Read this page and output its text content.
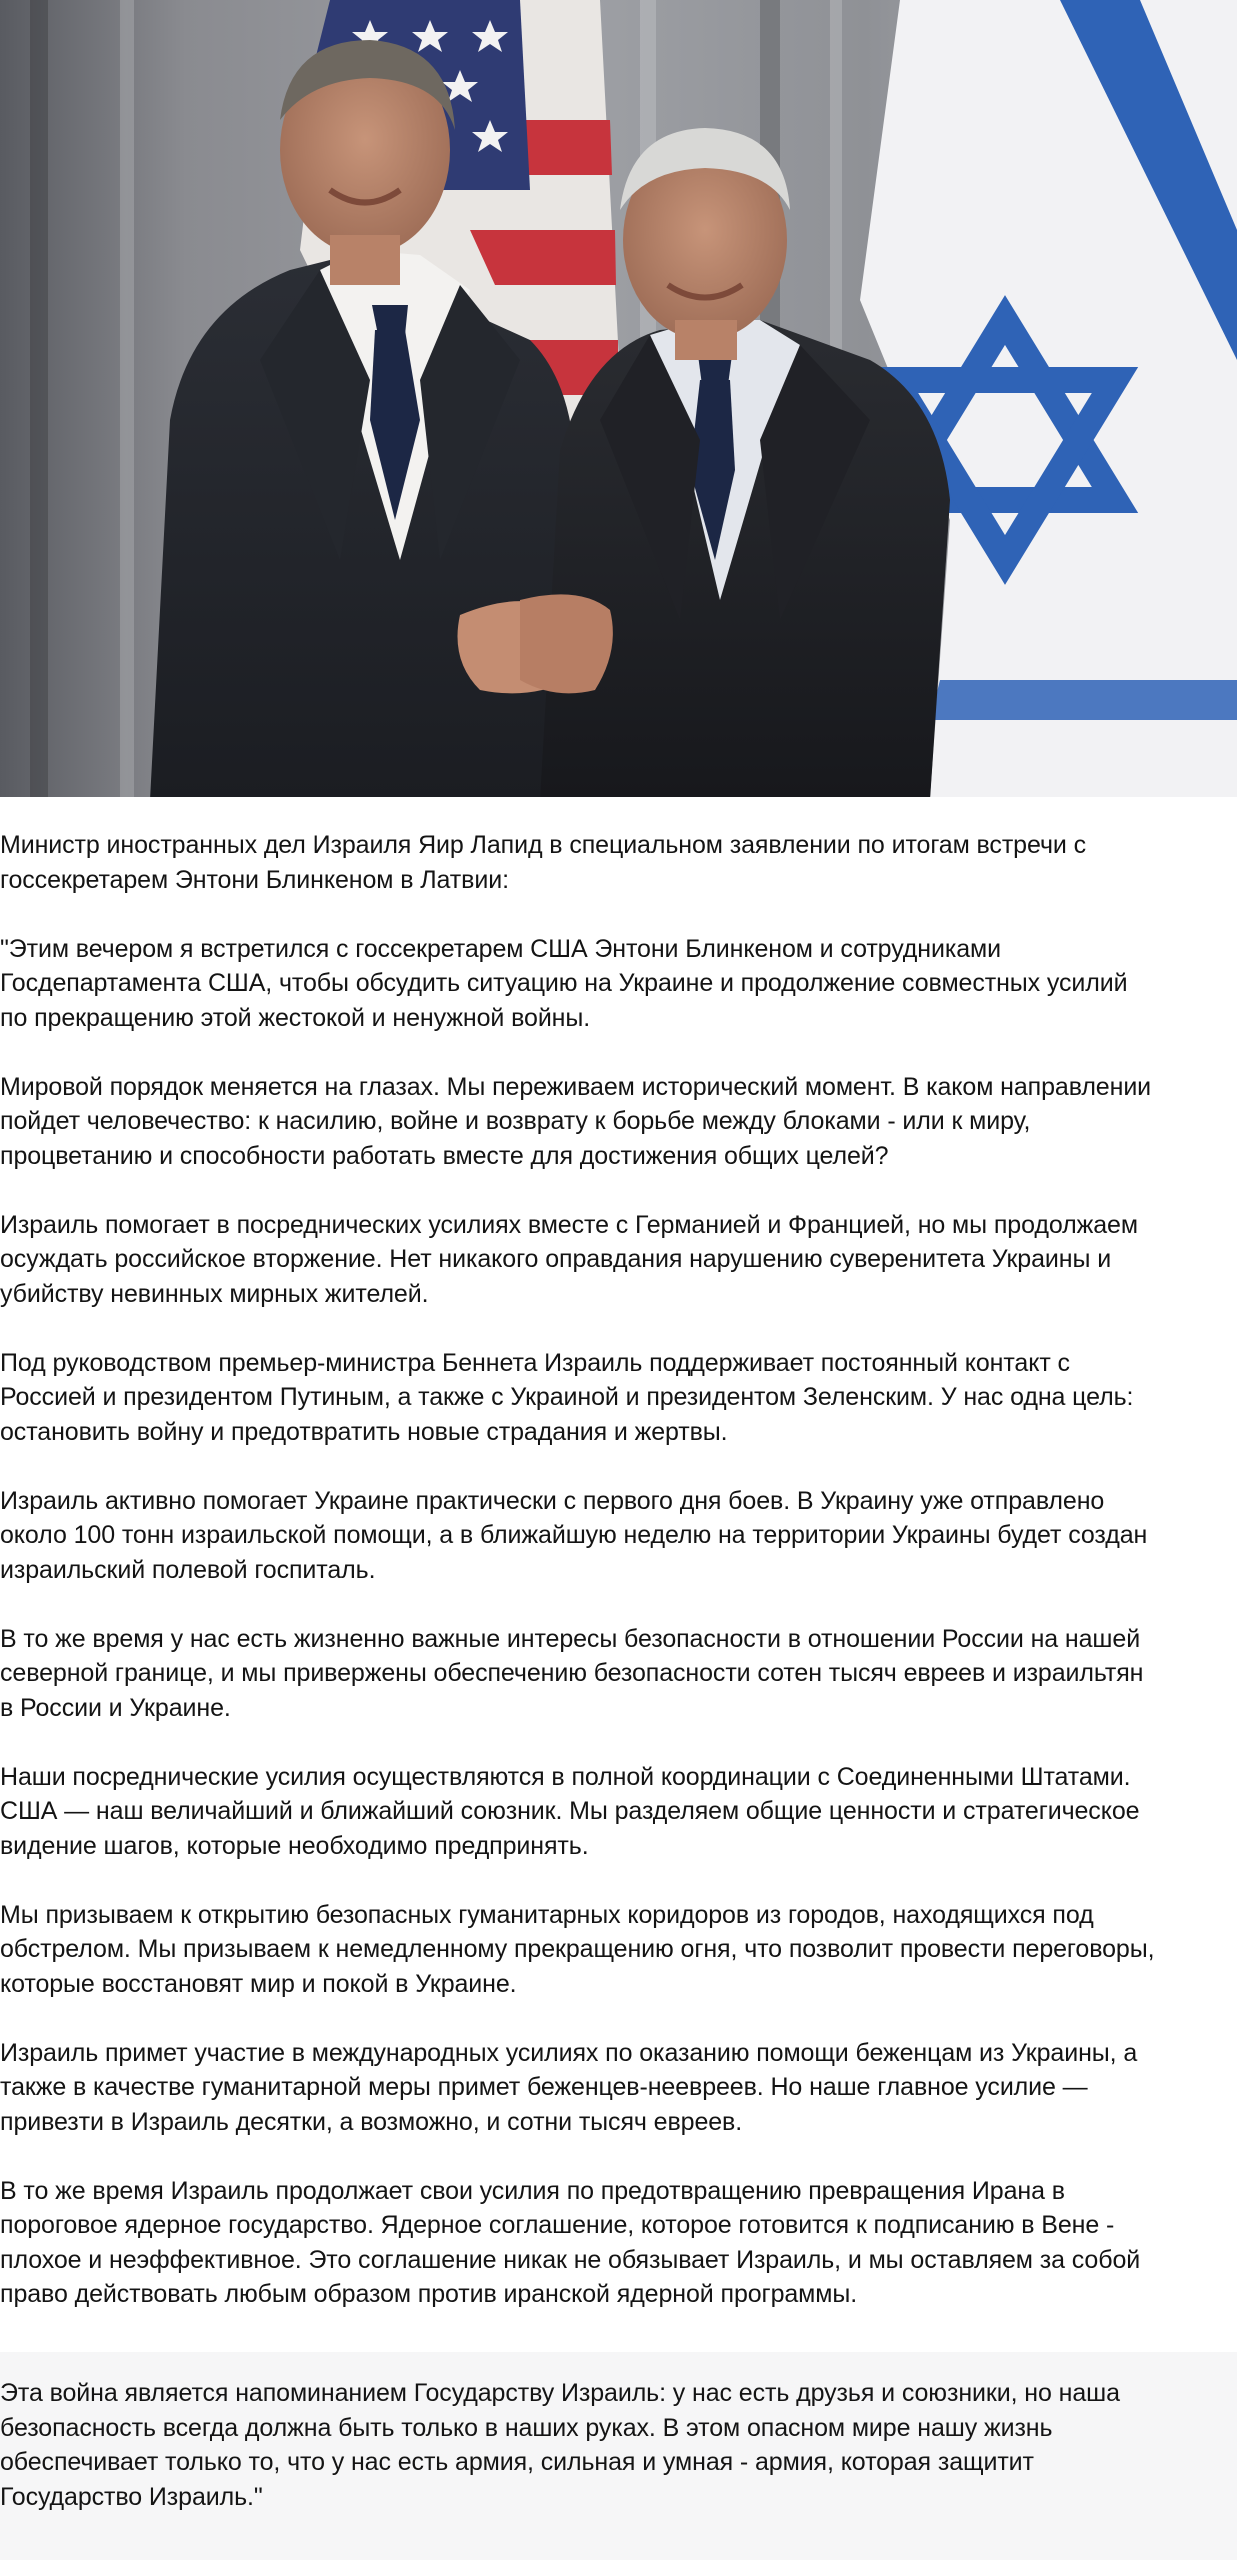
Министр иностранных дел Израиля Яир Лапид в специальном заявлении по итогам встречи с госсекретарем Энтони Блинкеном в Латвии:

"Этим вечером я встретился с госсекретарем США Энтони Блинкеном и сотрудниками Госдепартамента США, чтобы обсудить ситуацию на Украине и продолжение совместных усилий по прекращению этой жестокой и ненужной войны.

Мировой порядок меняется на глазах. Мы переживаем исторический момент. В каком направлении пойдет человечество: к насилию, войне и возврату к борьбе между блоками - или к миру, процветанию и способности работать вместе для достижения общих целей?

Израиль помогает в посреднических усилиях вместе с Германией и Францией, но мы продолжаем осуждать российское вторжение. Нет никакого оправдания нарушению суверенитета Украины и убийству невинных мирных жителей.

Под руководством премьер-министра Беннета Израиль поддерживает постоянный контакт с Россией и президентом Путиным, а также с Украиной и президентом Зеленским. У нас одна цель: остановить войну и предотвратить новые страдания и жертвы.

Израиль активно помогает Украине практически с первого дня боев. В Украину уже отправлено около 100 тонн израильской помощи, а в ближайшую неделю на территории Украины будет создан израильский полевой госпиталь.

В то же время у нас есть жизненно важные интересы безопасности в отношении России на нашей северной границе, и мы привержены обеспечению безопасности сотен тысяч евреев и израильтян в России и Украине.

Наши посреднические усилия осуществляются в полной координации с Соединенными Штатами. США — наш величайший и ближайший союзник. Мы разделяем общие ценности и стратегическое видение шагов, которые необходимо предпринять.

Мы призываем к открытию безопасных гуманитарных коридоров из городов, находящихся под обстрелом. Мы призываем к немедленному прекращению огня, что позволит провести переговоры, которые восстановят мир и покой в Украине.

Израиль примет участие в международных усилиях по оказанию помощи беженцам из Украины, а также в качестве гуманитарной меры примет беженцев-неевреев. Но наше главное усилие — привезти в Израиль десятки, а возможно, и сотни тысяч евреев.

В то же время Израиль продолжает свои усилия по предотвращению превращения Ирана в пороговое ядерное государство. Ядерное соглашение, которое готовится к подписанию в Вене - плохое и неэффективное. Это соглашение никак не обязывает Израиль, и мы оставляем за собой право действовать любым образом против иранской ядерной программы.

Эта война является напоминанием Государству Израиль: у нас есть друзья и союзники, но наша безопасность всегда должна быть только в наших руках. В этом опасном мире нашу жизнь обеспечивает только то, что у нас есть армия, сильная и умная - армия, которая защитит Государство Израиль."
